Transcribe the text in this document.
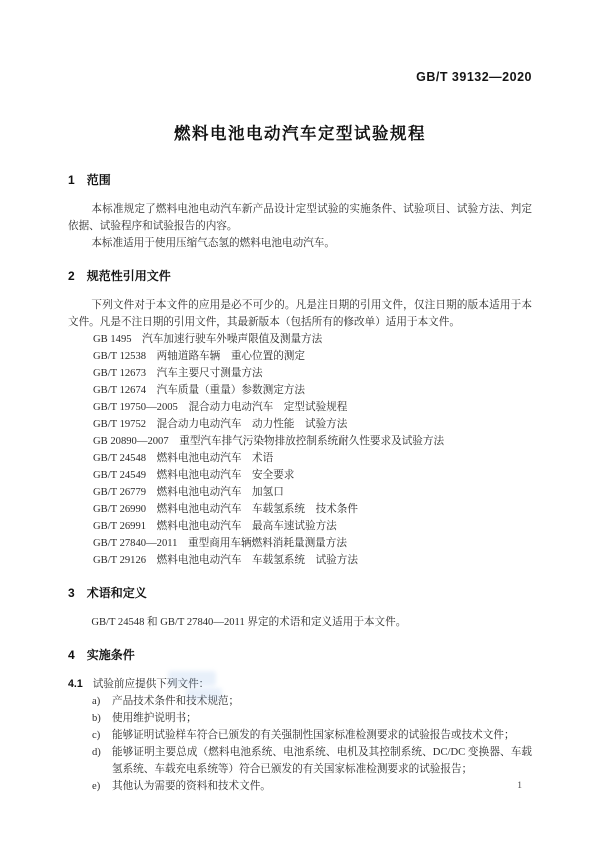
GB/T 39132—2020
燃料电池电动汽车定型试验规程
1 范围

本标准规定了燃料电池电动汽车新产品设计定型试验的实施条件、试验项目、试验方法、判定依据、试验程序和试验报告的内容。

本标准适用于使用压缩气态氢的燃料电池电动汽车。

2 规范性引用文件

下列文件对于本文件的应用是必不可少的。凡是注日期的引用文件，仅注日期的版本适用于本文件。凡是不注日期的引用文件，其最新版本（包括所有的修改单）适用于本文件。

GB 1495　汽车加速行驶车外噪声限值及测量方法

GB/T 12538　两轴道路车辆　重心位置的测定

GB/T 12673　汽车主要尺寸测量方法

GB/T 12674　汽车质量（重量）参数测定方法

GB/T 19750—2005　混合动力电动汽车　定型试验规程

GB/T 19752　混合动力电动汽车　动力性能　试验方法

GB 20890—2007　重型汽车排气污染物排放控制系统耐久性要求及试验方法

GB/T 24548　燃料电池电动汽车　术语

GB/T 24549　燃料电池电动汽车　安全要求

GB/T 26779　燃料电池电动汽车　加氢口

GB/T 26990　燃料电池电动汽车　车载氢系统　技术条件

GB/T 26991　燃料电池电动汽车　最高车速试验方法

GB/T 27840—2011　重型商用车辆燃料消耗量测量方法

GB/T 29126　燃料电池电动汽车　车载氢系统　试验方法

3 术语和定义

GB/T 24548 和 GB/T 27840—2011 界定的术语和定义适用于本文件。

4 实施条件

4.1 试验前应提供下列文件：

a) 产品技术条件和技术规范；
b) 使用维护说明书；
c) 能够证明试验样车符合已颁发的有关强制性国家标准检测要求的试验报告或技术文件；
d) 能够证明主要总成（燃料电池系统、电池系统、电机及其控制系统、DC/DC 变换器、车载氢系统、车载充电系统等）符合已颁发的有关国家标准检测要求的试验报告；
e) 其他认为需要的资料和技术文件。	1
